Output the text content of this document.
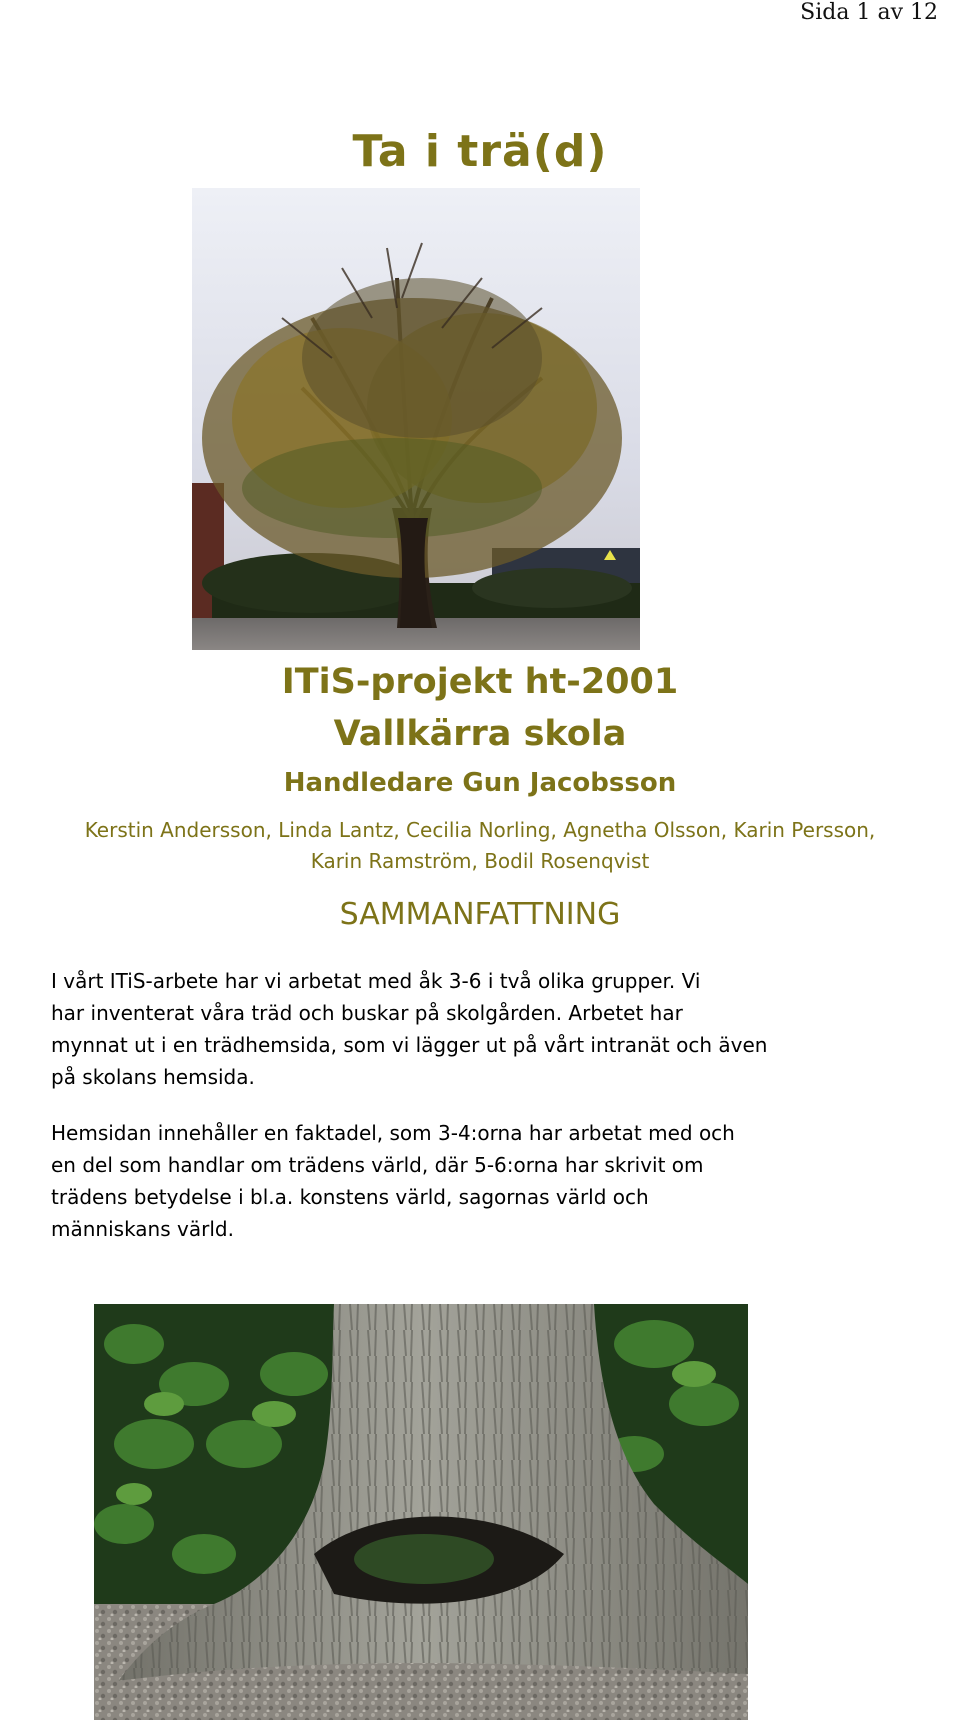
Sida 1 av 12
Ta i trä(d)
ITiS-projekt ht-2001
Vallkärra skola
Handledare Gun Jacobsson
Kerstin Andersson, Linda Lantz, Cecilia Norling, Agnetha Olsson, Karin Persson,
Karin Ramström, Bodil Rosenqvist
SAMMANFATTNING
I vårt ITiS-arbete har vi arbetat med åk 3-6 i två olika grupper. Vi
har inventerat våra träd och buskar på skolgården. Arbetet har
mynnat ut i en trädhemsida, som vi lägger ut på vårt intranät och även
på skolans hemsida.
Hemsidan innehåller en faktadel, som 3-4:orna har arbetat med och
en del som handlar om trädens värld, där 5-6:orna har skrivit om
trädens betydelse i bl.a. konstens värld, sagornas värld och
människans värld.
